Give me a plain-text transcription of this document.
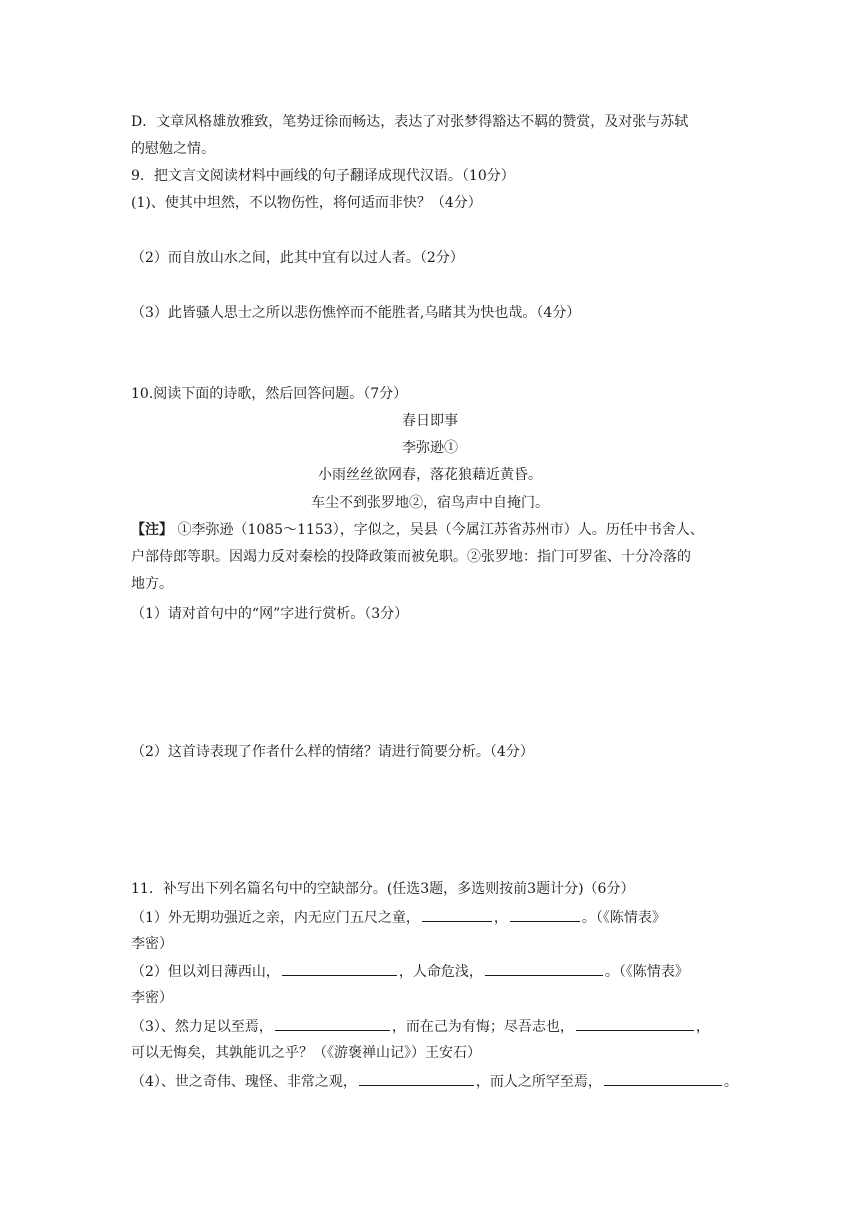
D．文章风格雄放雅致，笔势迂徐而畅达，表达了对张梦得豁达不羁的赞赏，及对张与苏轼
的慰勉之情。
9．把文言文阅读材料中画线的句子翻译成现代汉语。（10分）
(1)、使其中坦然，不以物伤性，将何适而非快？（4分）
（2）而自放山水之间，此其中宜有以过人者。（2分）
（3）此皆骚人思士之所以悲伤憔悴而不能胜者,乌睹其为快也哉。（4分）
10.阅读下面的诗歌，然后回答问题。（7分）
春日即事
李弥逊①
小雨丝丝欲网春，落花狼藉近黄昏。
车尘不到张罗地②，宿鸟声中自掩门。
【注】 ①李弥逊（1085～1153），字似之，吴县（今属江苏省苏州市）人。历任中书舍人、
户部侍郎等职。因竭力反对秦桧的投降政策而被免职。②张罗地：指门可罗雀、十分冷落的
地方。
（1）请对首句中的“网”字进行赏析。（3分）
（2）这首诗表现了作者什么样的情绪？请进行简要分析。（4分）
11．补写出下列名篇名句中的空缺部分。(任选3题，多选则按前3题计分)（6分）
（1）外无期功强近之亲，内无应门五尺之童，	，	。（《陈情表》
李密）
（2）但以刘日薄西山，	，人命危浅，	。（《陈情表》
李密）
（3）、然力足以至焉，	，而在己为有悔；尽吾志也，	，
可以无悔矣，其孰能讥之乎？（《游褒禅山记》）王安石）
（4）、世之奇伟、瑰怪、非常之观，	，而人之所罕至焉，	。
